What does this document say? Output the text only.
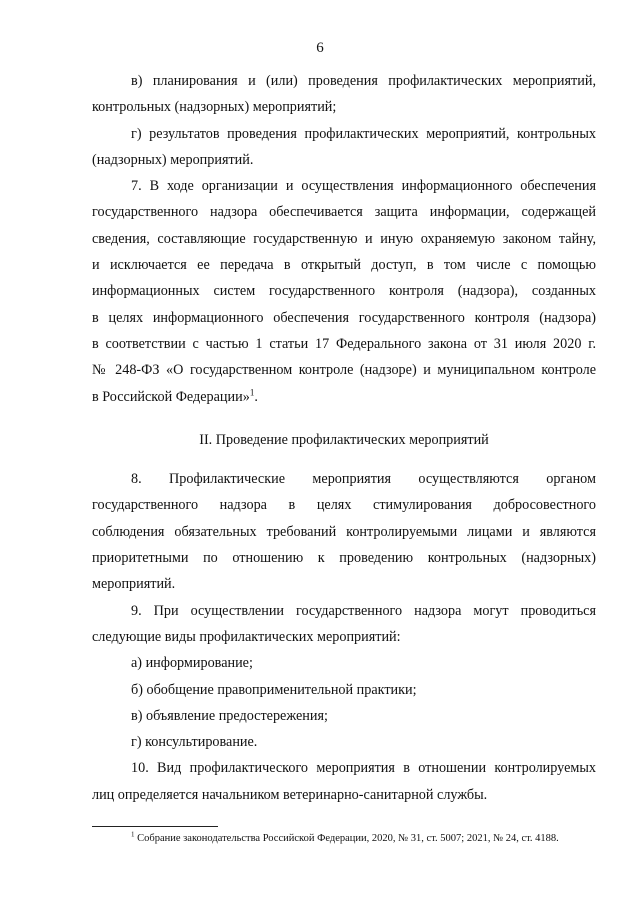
6
в) планирования и (или) проведения профилактических мероприятий,
контрольных (надзорных) мероприятий;
г) результатов проведения профилактических мероприятий, контрольных
(надзорных) мероприятий.
7. В ходе организации и осуществления информационного обеспечения
государственного надзора обеспечивается защита информации, содержащей
сведения, составляющие государственную и иную охраняемую законом тайну,
и исключается ее передача в открытый доступ, в том числе с помощью
информационных систем государственного контроля (надзора), созданных
в целях информационного обеспечения государственного контроля (надзора)
в соответствии с частью 1 статьи 17 Федерального закона от 31 июля 2020 г.
№ 248-ФЗ «О государственном контроле (надзоре) и муниципальном контроле
в Российской Федерации»$^1$.
II. Проведение профилактических мероприятий
8. Профилактические мероприятия осуществляются органом
государственного надзора в целях стимулирования добросовестного
соблюдения обязательных требований контролируемыми лицами и являются
приоритетными по отношению к проведению контрольных (надзорных)
мероприятий.
9. При осуществлении государственного надзора могут проводиться
следующие виды профилактических мероприятий:
а) информирование;
б) обобщение правоприменительной практики;
в) объявление предостережения;
г) консультирование.
10. Вид профилактического мероприятия в отношении контролируемых
лиц определяется начальником ветеринарно-санитарной службы.
$^1$ Собрание законодательства Российской Федерации, 2020, № 31, ст. 5007; 2021, № 24, ст. 4188.
